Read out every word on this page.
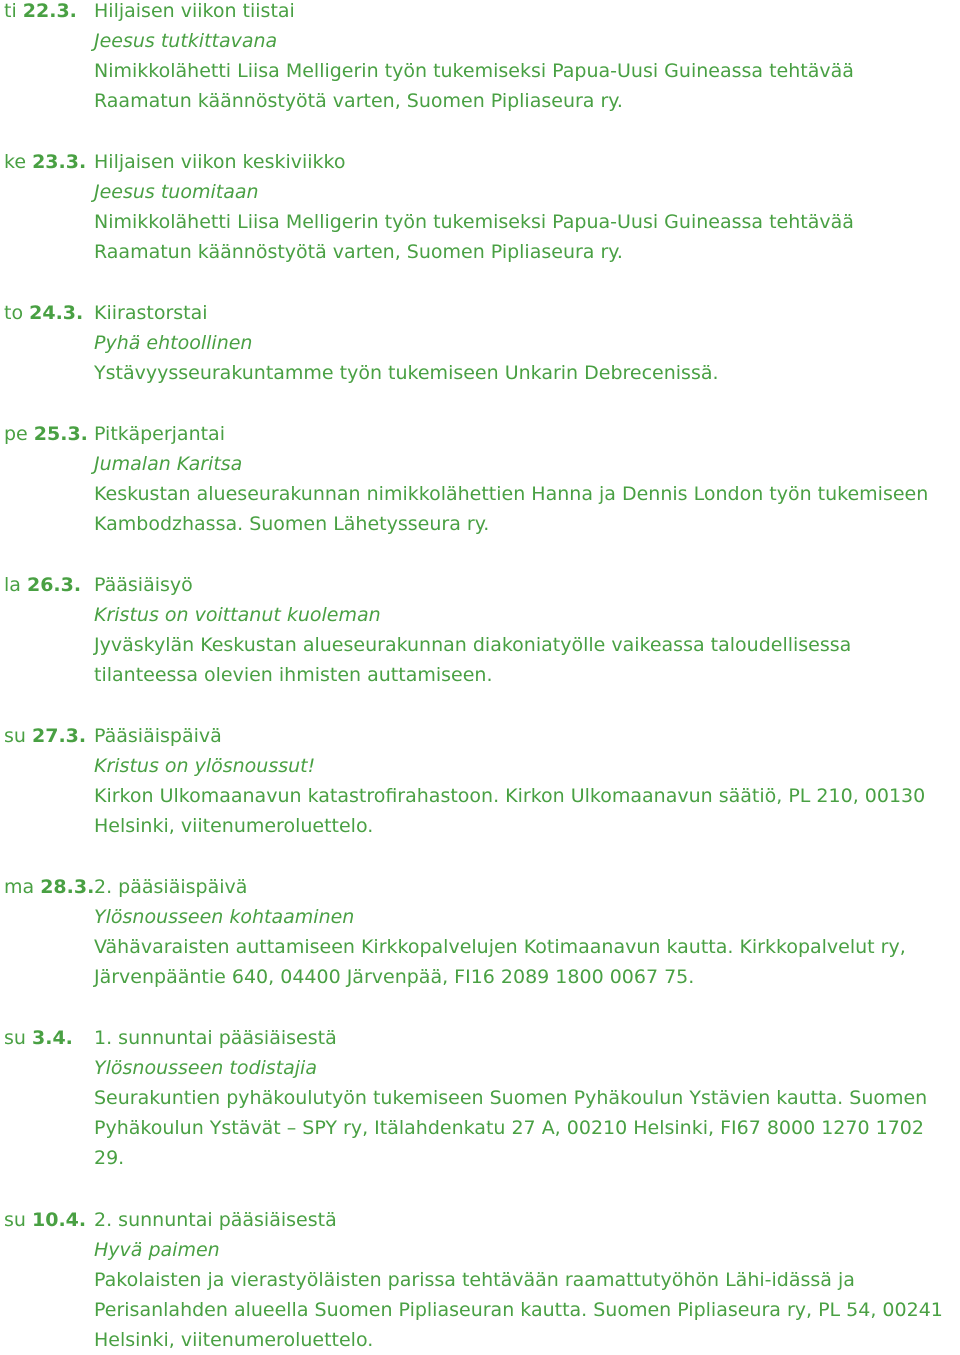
ti 22.3. Hiljaisen viikon tiistai
Jeesus tutkittavana
Nimikkolähetti Liisa Melligerin työn tukemiseksi Papua-Uusi Guineassa tehtävää Raamatun käännöstyötä varten, Suomen Pipliaseura ry.
ke 23.3. Hiljaisen viikon keskiviikko
Jeesus tuomitaan
Nimikkolähetti Liisa Melligerin työn tukemiseksi Papua-Uusi Guineassa tehtävää Raamatun käännöstyötä varten, Suomen Pipliaseura ry.
to 24.3. Kiirastorstai
Pyhä ehtoollinen
Ystävyysseurakuntamme työn tukemiseen Unkarin Debrecenissä.
pe 25.3. Pitkäperjantai
Jumalan Karitsa
Keskustan alueseurakunnan nimikkolähettien Hanna ja Dennis London työn tukemiseen Kambodzhassa. Suomen Lähetysseura ry.
la 26.3. Pääsiäisyö
Kristus on voittanut kuoleman
Jyväskylän Keskustan alueseurakunnan diakoniatyölle vaikeassa taloudellisessa tilanteessa olevien ihmisten auttamiseen.
su 27.3. Pääsiäispäivä
Kristus on ylösnoussut!
Kirkon Ulkomaanavun katastrofirahastoon. Kirkon Ulkomaanavun säätiö, PL 210, 00130 Helsinki, viitenumeroluettelo.
ma 28.3. 2. pääsiäispäivä
Ylösnousseen kohtaaminen
Vähävaraisten auttamiseen Kirkkopalvelujen Kotimaanavun kautta. Kirkkopalvelut ry, Järvenpääntie 640, 04400 Järvenpää, FI16 2089 1800 0067 75.
su 3.4. 1. sunnuntai pääsiäisestä
Ylösnousseen todistajia
Seurakuntien pyhäkoulutyön tukemiseen Suomen Pyhäkoulun Ystävien kautta. Suomen Pyhäkoulun Ystävät – SPY ry, Itälahdenkatu 27 A, 00210 Helsinki, FI67 8000 1270 1702 29.
su 10.4. 2. sunnuntai pääsiäisestä
Hyvä paimen
Pakolaisten ja vierastyöläisten parissa tehtävään raamattutyöhön Lähi-idässä ja Perisanlahden alueella Suomen Pipliaseuran kautta. Suomen Pipliaseura ry, PL 54, 00241 Helsinki, viitenumeroluettelo.
